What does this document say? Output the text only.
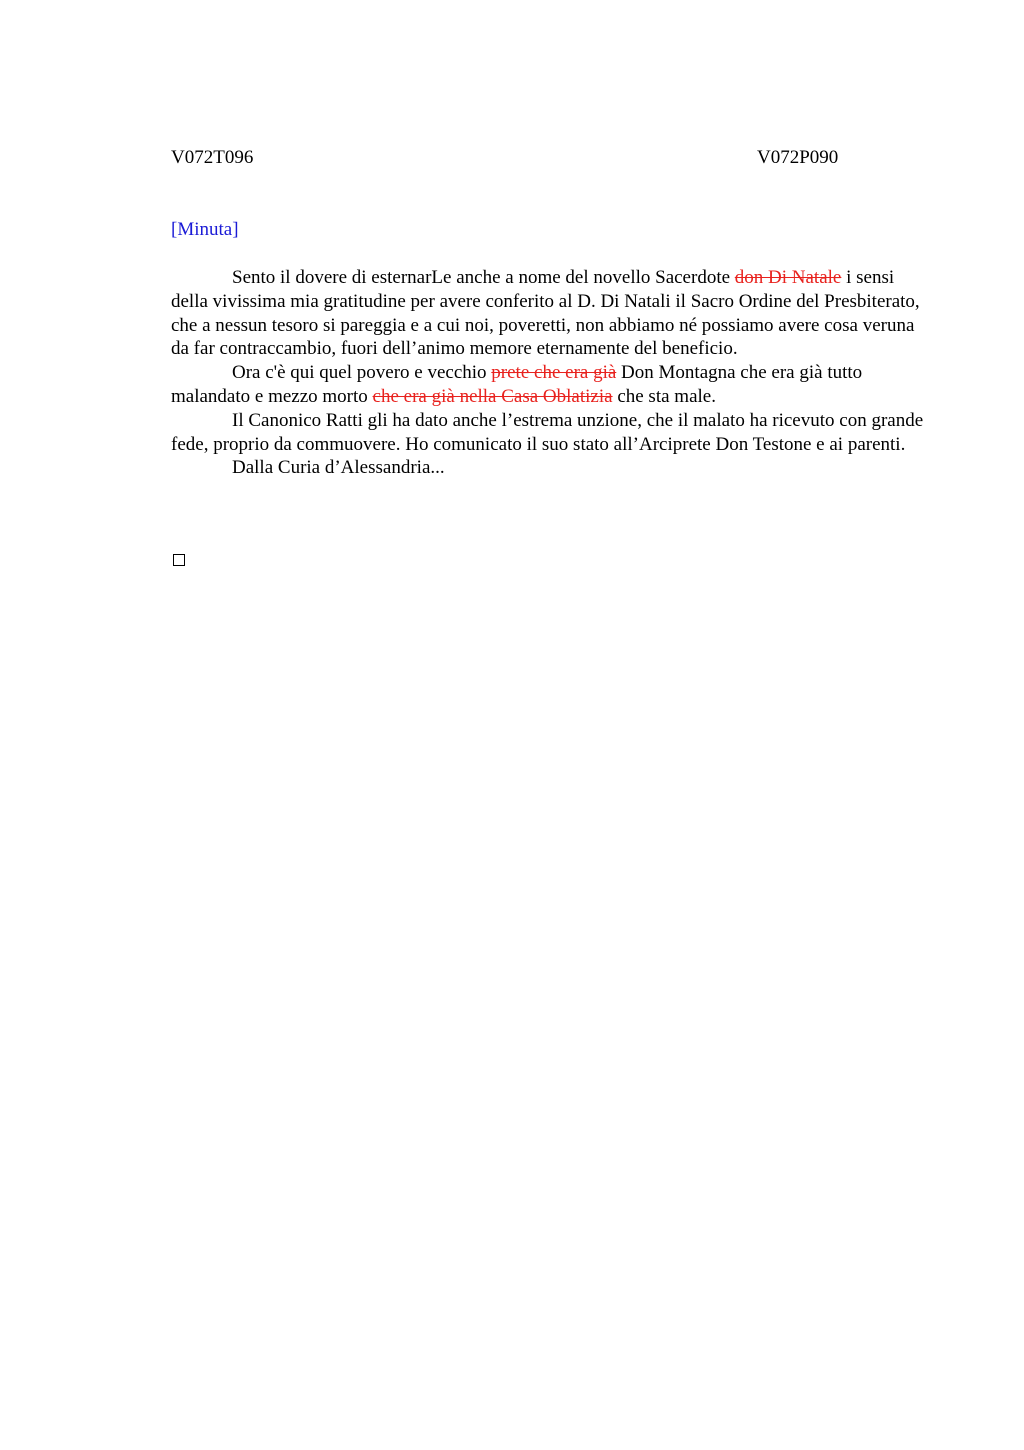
V072T096	V072P090
[Minuta]

Sento il dovere di esternarLe anche a nome del novello Sacerdote don Di Natale i sensi della vivissima mia gratitudine per avere conferito al D. Di Natali il Sacro Ordine del Presbiterato, che a nessun tesoro si pareggia e a cui noi, poveretti, non abbiamo né possiamo avere cosa veruna da far contraccambio, fuori dell’animo memore eternamente del beneficio.

Ora c'è qui quel povero e vecchio prete che era già Don Montagna che era già tutto malandato e mezzo morto che era già nella Casa Oblatizia che sta male.

Il Canonico Ratti gli ha dato anche l’estrema unzione, che il malato ha ricevuto con grande fede, proprio da commuovere. Ho comunicato il suo stato all’Arciprete Don Testone e ai parenti.

Dalla Curia d’Alessandria...
